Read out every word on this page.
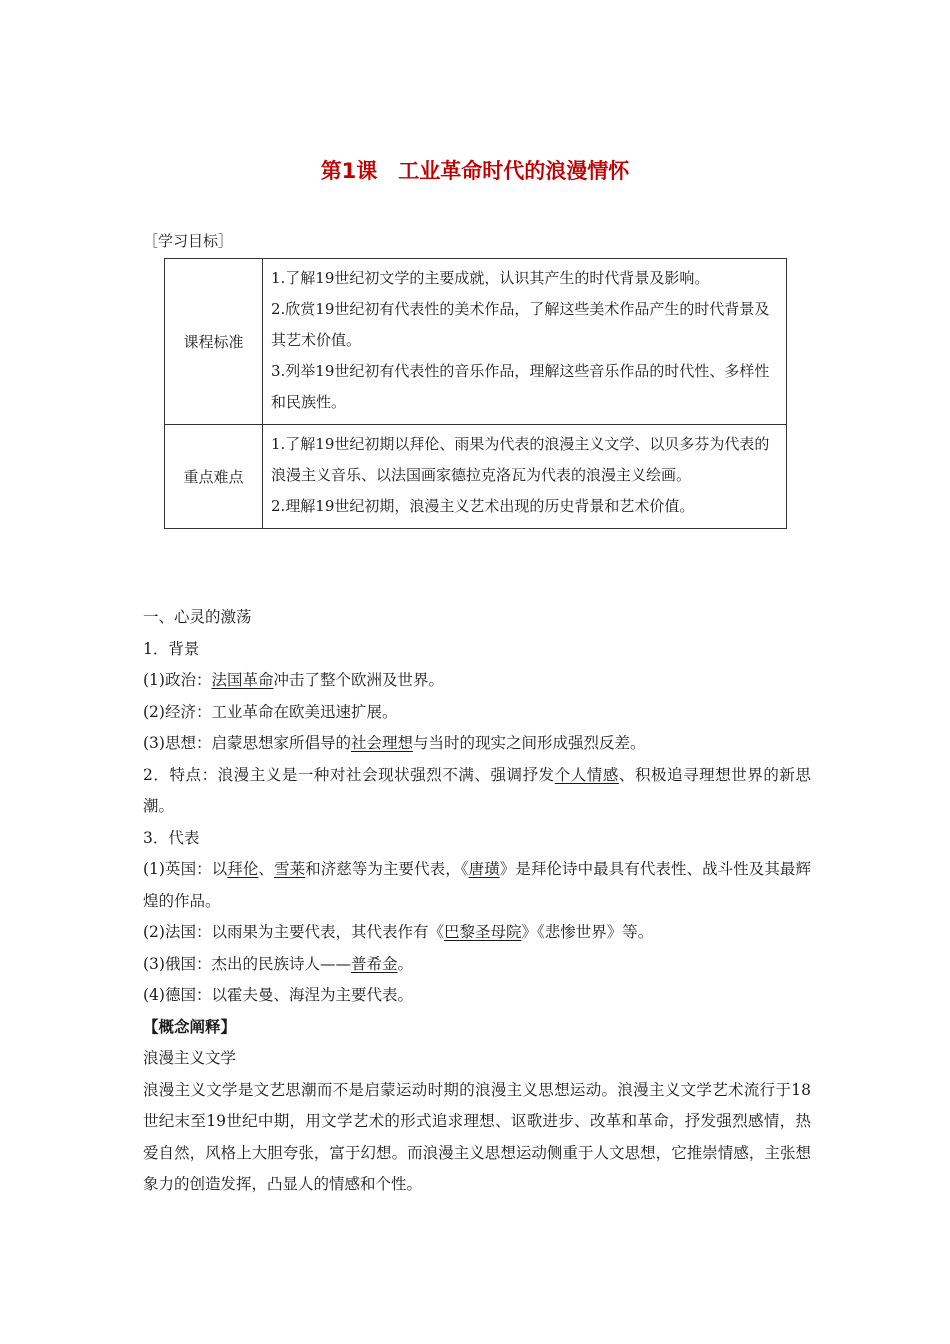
第1课　工业革命时代的浪漫情怀
［学习目标］
课程标准	1.了解19世纪初文学的主要成就，认识其产生的时代背景及影响。
2.欣赏19世纪初有代表性的美术作品，了解这些美术作品产生的时代背景及其艺术价值。
3.列举19世纪初有代表性的音乐作品，理解这些音乐作品的时代性、多样性和民族性。

重点难点	1.了解19世纪初期以拜伦、雨果为代表的浪漫主义文学、以贝多芬为代表的浪漫主义音乐、以法国画家德拉克洛瓦为代表的浪漫主义绘画。
2.理解19世纪初期，浪漫主义艺术出现的历史背景和艺术价值。

一、心灵的激荡

1．背景

(1)政治：法国革命冲击了整个欧洲及世界。

(2)经济：工业革命在欧美迅速扩展。

(3)思想：启蒙思想家所倡导的社会理想与当时的现实之间形成强烈反差。

2．特点：浪漫主义是一种对社会现状强烈不满、强调抒发个人情感、积极追寻理想世界的新思潮。

3．代表

(1)英国：以拜伦、雪莱和济慈等为主要代表，《唐璜》是拜伦诗中最具有代表性、战斗性及其最辉煌的作品。

(2)法国：以雨果为主要代表，其代表作有《巴黎圣母院》《悲惨世界》等。

(3)俄国：杰出的民族诗人——普希金。

(4)德国：以霍夫曼、海涅为主要代表。

【概念阐释】

浪漫主义文学

浪漫主义文学是文艺思潮而不是启蒙运动时期的浪漫主义思想运动。浪漫主义文学艺术流行于18世纪末至19世纪中期，用文学艺术的形式追求理想、讴歌进步、改革和革命，抒发强烈感情，热爱自然，风格上大胆夸张，富于幻想。而浪漫主义思想运动侧重于人文思想，它推崇情感，主张想象力的创造发挥，凸显人的情感和个性。
